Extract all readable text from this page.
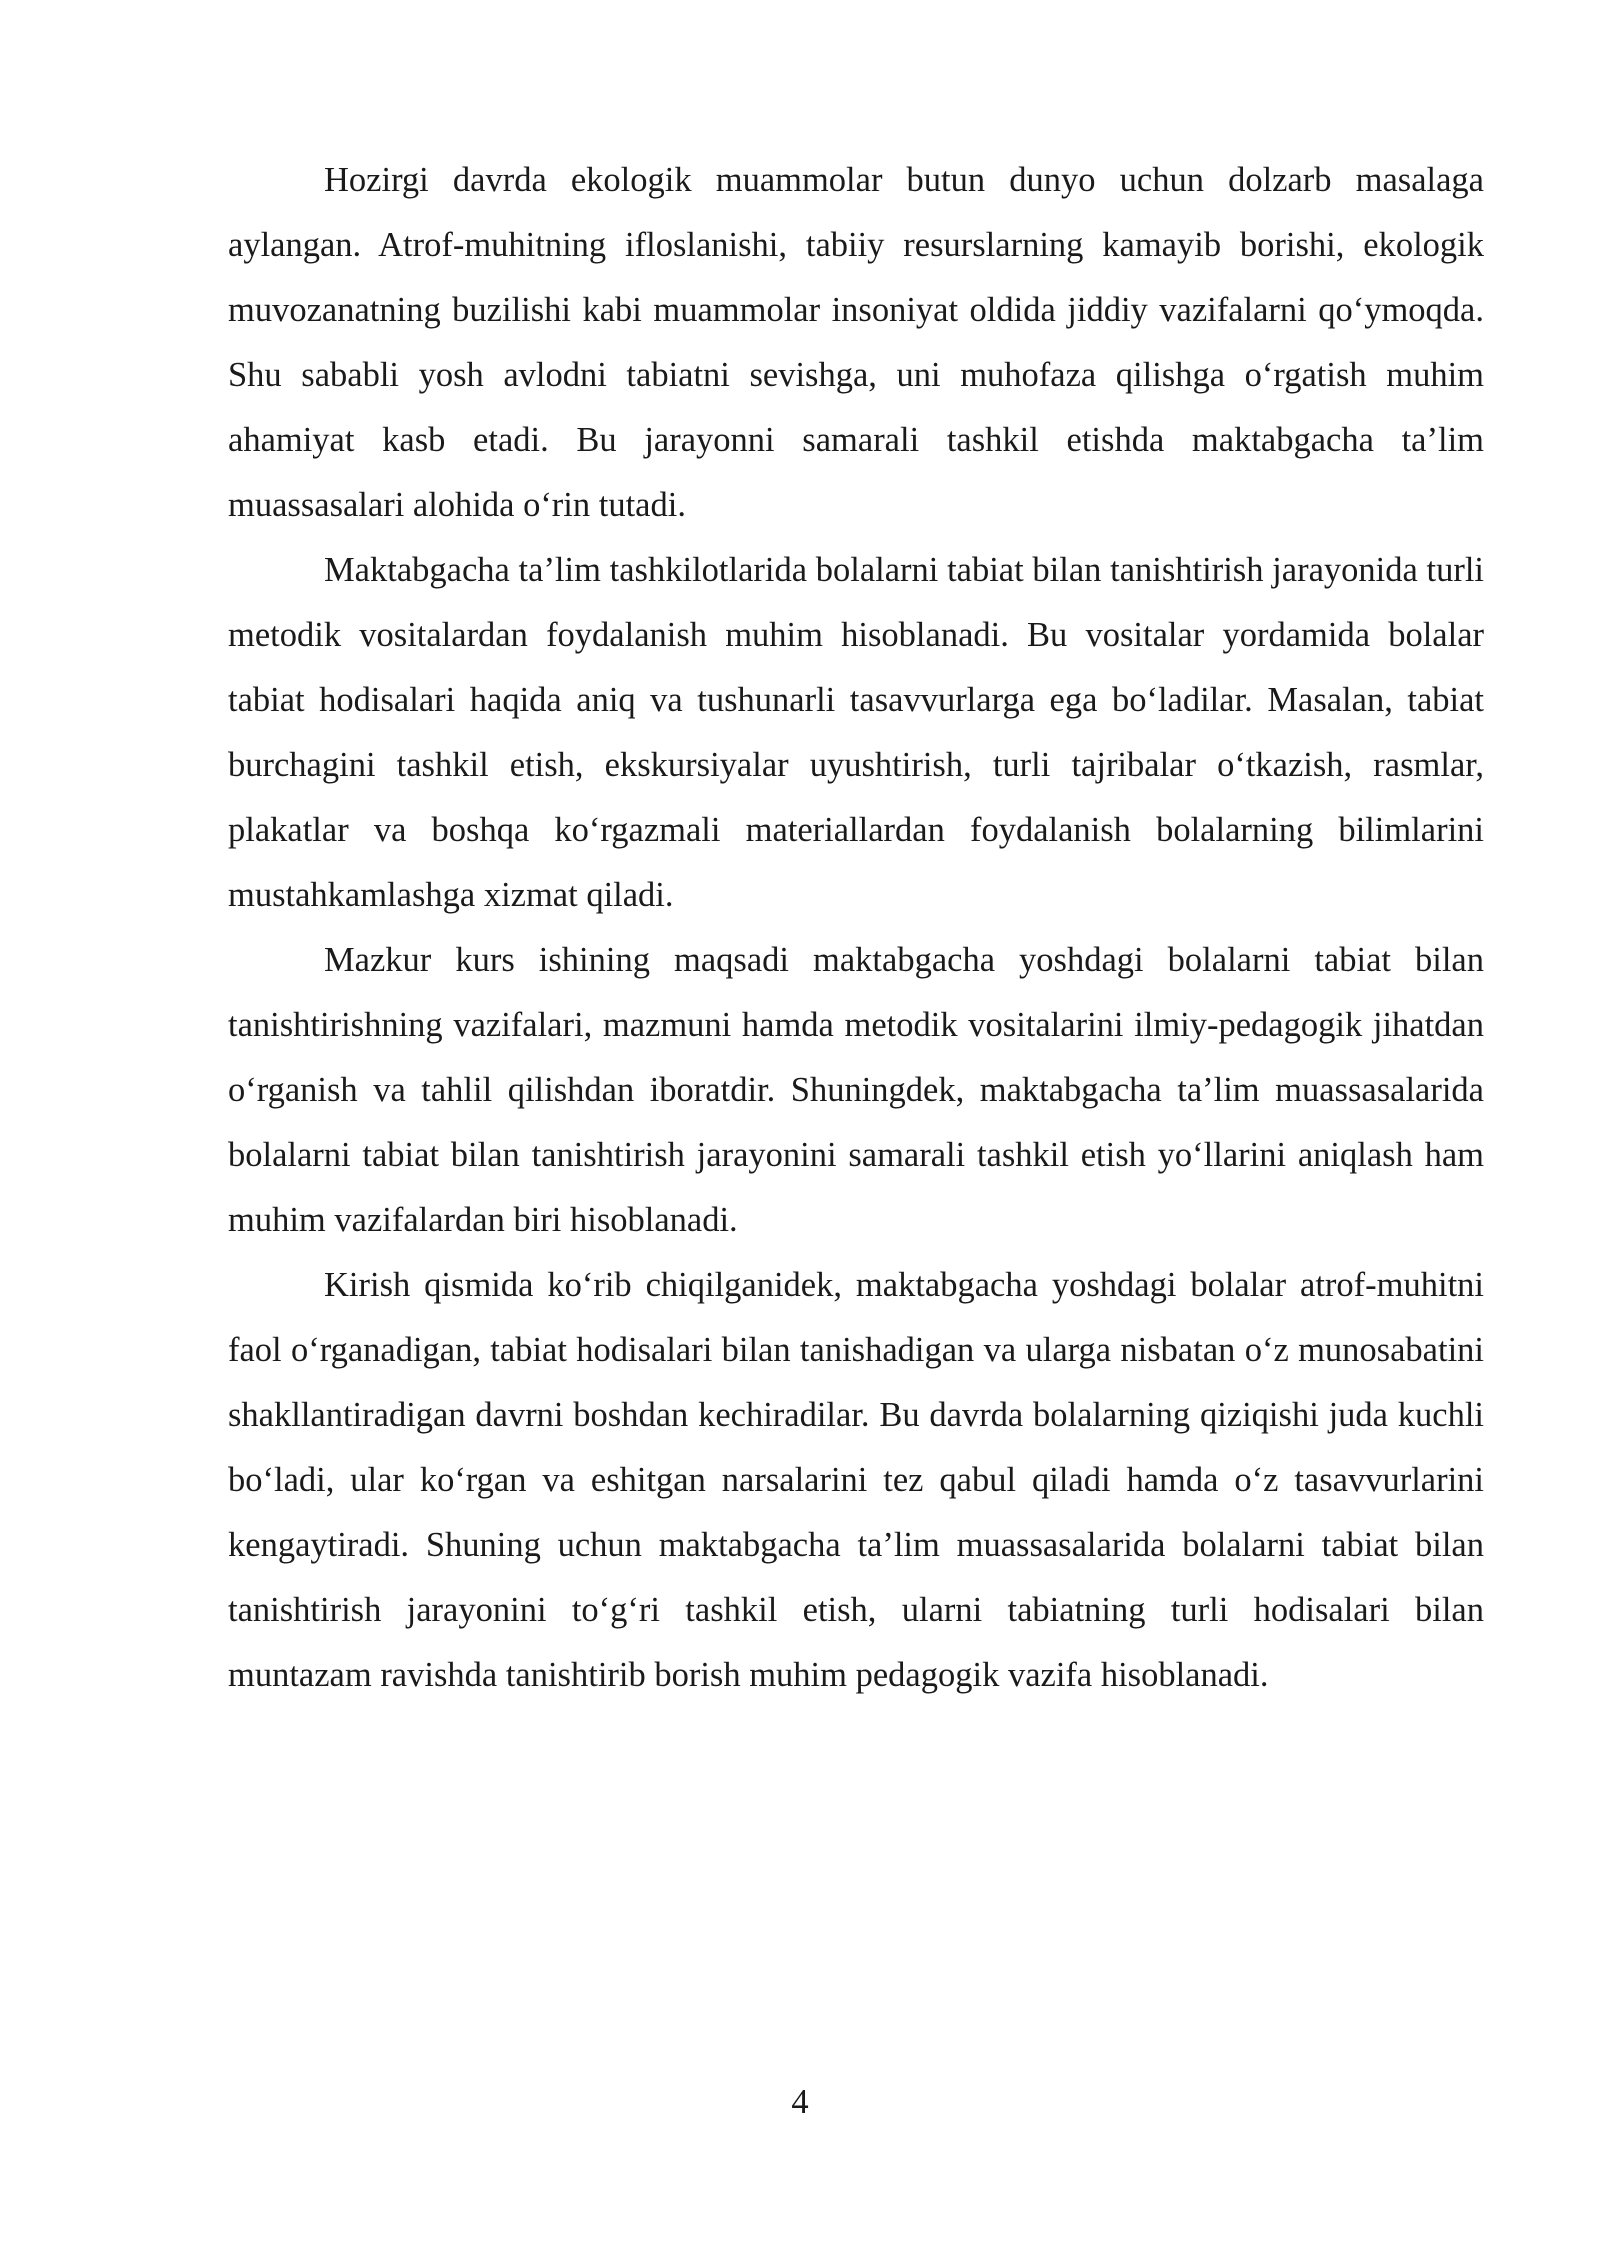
Hozirgi davrda ekologik muammolar butun dunyo uchun dolzarb masalaga aylangan. Atrof-muhitning ifloslanishi, tabiiy resurslarning kamayib borishi, ekologik muvozanatning buzilishi kabi muammolar insoniyat oldida jiddiy vazifalarni qo‘ymoqda. Shu sababli yosh avlodni tabiatni sevishga, uni muhofaza qilishga o‘rgatish muhim ahamiyat kasb etadi. Bu jarayonni samarali tashkil etishda maktabgacha ta’lim muassasalari alohida o‘rin tutadi.

Maktabgacha ta’lim tashkilotlarida bolalarni tabiat bilan tanishtirish jarayonida turli metodik vositalardan foydalanish muhim hisoblanadi. Bu vositalar yordamida bolalar tabiat hodisalari haqida aniq va tushunarli tasavvurlarga ega bo‘ladilar. Masalan, tabiat burchagini tashkil etish, ekskursiyalar uyushtirish, turli tajribalar o‘tkazish, rasmlar, plakatlar va boshqa ko‘rgazmali materiallardan foydalanish bolalarning bilimlarini mustahkamlashga xizmat qiladi.

Mazkur kurs ishining maqsadi maktabgacha yoshdagi bolalarni tabiat bilan tanishtirishning vazifalari, mazmuni hamda metodik vositalarini ilmiy-pedagogik jihatdan o‘rganish va tahlil qilishdan iboratdir. Shuningdek, maktabgacha ta’lim muassasalarida bolalarni tabiat bilan tanishtirish jarayonini samarali tashkil etish yo‘llarini aniqlash ham muhim vazifalardan biri hisoblanadi.

Kirish qismida ko‘rib chiqilganidek, maktabgacha yoshdagi bolalar atrof-muhitni faol o‘rganadigan, tabiat hodisalari bilan tanishadigan va ularga nisbatan o‘z munosabatini shakllantiradigan davrni boshdan kechiradilar. Bu davrda bolalarning qiziqishi juda kuchli bo‘ladi, ular ko‘rgan va eshitgan narsalarini tez qabul qiladi hamda o‘z tasavvurlarini kengaytiradi. Shuning uchun maktabgacha ta’lim muassasalarida bolalarni tabiat bilan tanishtirish jarayonini to‘g‘ri tashkil etish, ularni tabiatning turli hodisalari bilan muntazam ravishda tanishtirib borish muhim pedagogik vazifa hisoblanadi.

4
